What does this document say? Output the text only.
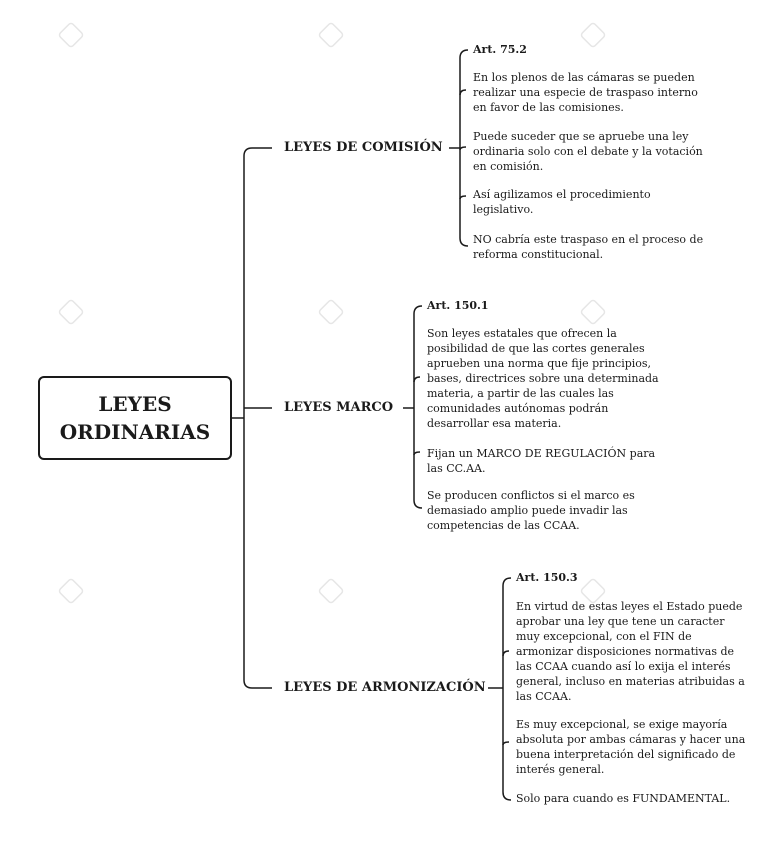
LEYES ORDINARIAS
LEYES DE COMISIÓN
Art. 75.2
En los plenos de las cámaras se pueden
realizar una especie de traspaso interno
en favor de las comisiones.
Puede suceder que se apruebe una ley
ordinaria solo con el debate y la votación
en comisión.
Así agilizamos el procedimiento
legislativo.
NO cabría este traspaso en el proceso de
reforma constitucional.
LEYES MARCO
Art. 150.1
Son leyes estatales que ofrecen la
posibilidad de que las cortes generales
aprueben una norma que fije principios,
bases, directrices sobre una determinada
materia, a partir de las cuales las
comunidades autónomas podrán
desarrollar esa materia.
Fijan un MARCO DE REGULACIÓN para
las CC.AA.
Se producen conflictos si el marco es
demasiado amplio puede invadir las
competencias de las CCAA.
LEYES DE ARMONIZACIÓN
Art. 150.3
En virtud de estas leyes el Estado puede
aprobar una ley que tene un caracter
muy excepcional, con el FIN de
armonizar disposiciones normativas de
las CCAA cuando así lo exija el interés
general, incluso en materias atribuidas a
las CCAA.
Es muy excepcional, se exige mayoría
absoluta por ambas cámaras y hacer una
buena interpretación del significado de
interés general.
Solo para cuando es FUNDAMENTAL.
